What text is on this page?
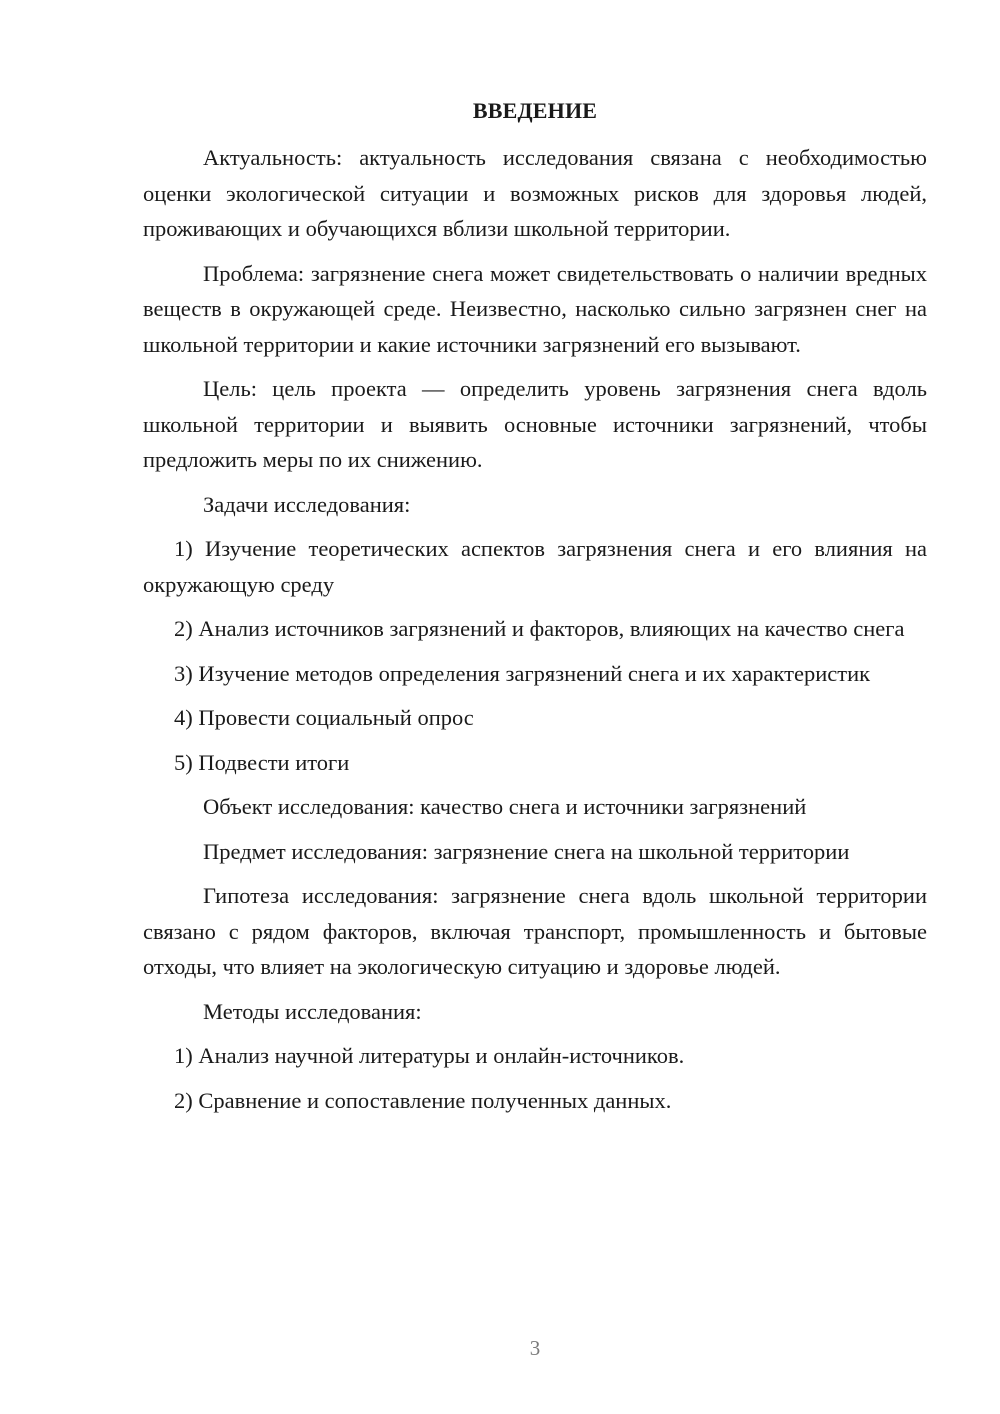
ВВЕДЕНИЕ
Актуальность: актуальность исследования связана с необходимостью оценки экологической ситуации и возможных рисков для здоровья людей, проживающих и обучающихся вблизи школьной территории.
Проблема: загрязнение снега может свидетельствовать о наличии вредных веществ в окружающей среде. Неизвестно, насколько сильно загрязнен снег на школьной территории и какие источники загрязнений его вызывают.
Цель: цель проекта — определить уровень загрязнения снега вдоль школьной территории и выявить основные источники загрязнений, чтобы предложить меры по их снижению.
Задачи исследования:
1) Изучение теоретических аспектов загрязнения снега и его влияния на окружающую среду
2) Анализ источников загрязнений и факторов, влияющих на качество снега
3) Изучение методов определения загрязнений снега и их характеристик
4) Провести социальный опрос
5) Подвести итоги
Объект исследования: качество снега и источники загрязнений
Предмет исследования: загрязнение снега на школьной территории
Гипотеза исследования: загрязнение снега вдоль школьной территории связано с рядом факторов, включая транспорт, промышленность и бытовые отходы, что влияет на экологическую ситуацию и здоровье людей.
Методы исследования:
1) Анализ научной литературы и онлайн-источников.
2) Сравнение и сопоставление полученных данных.
3
